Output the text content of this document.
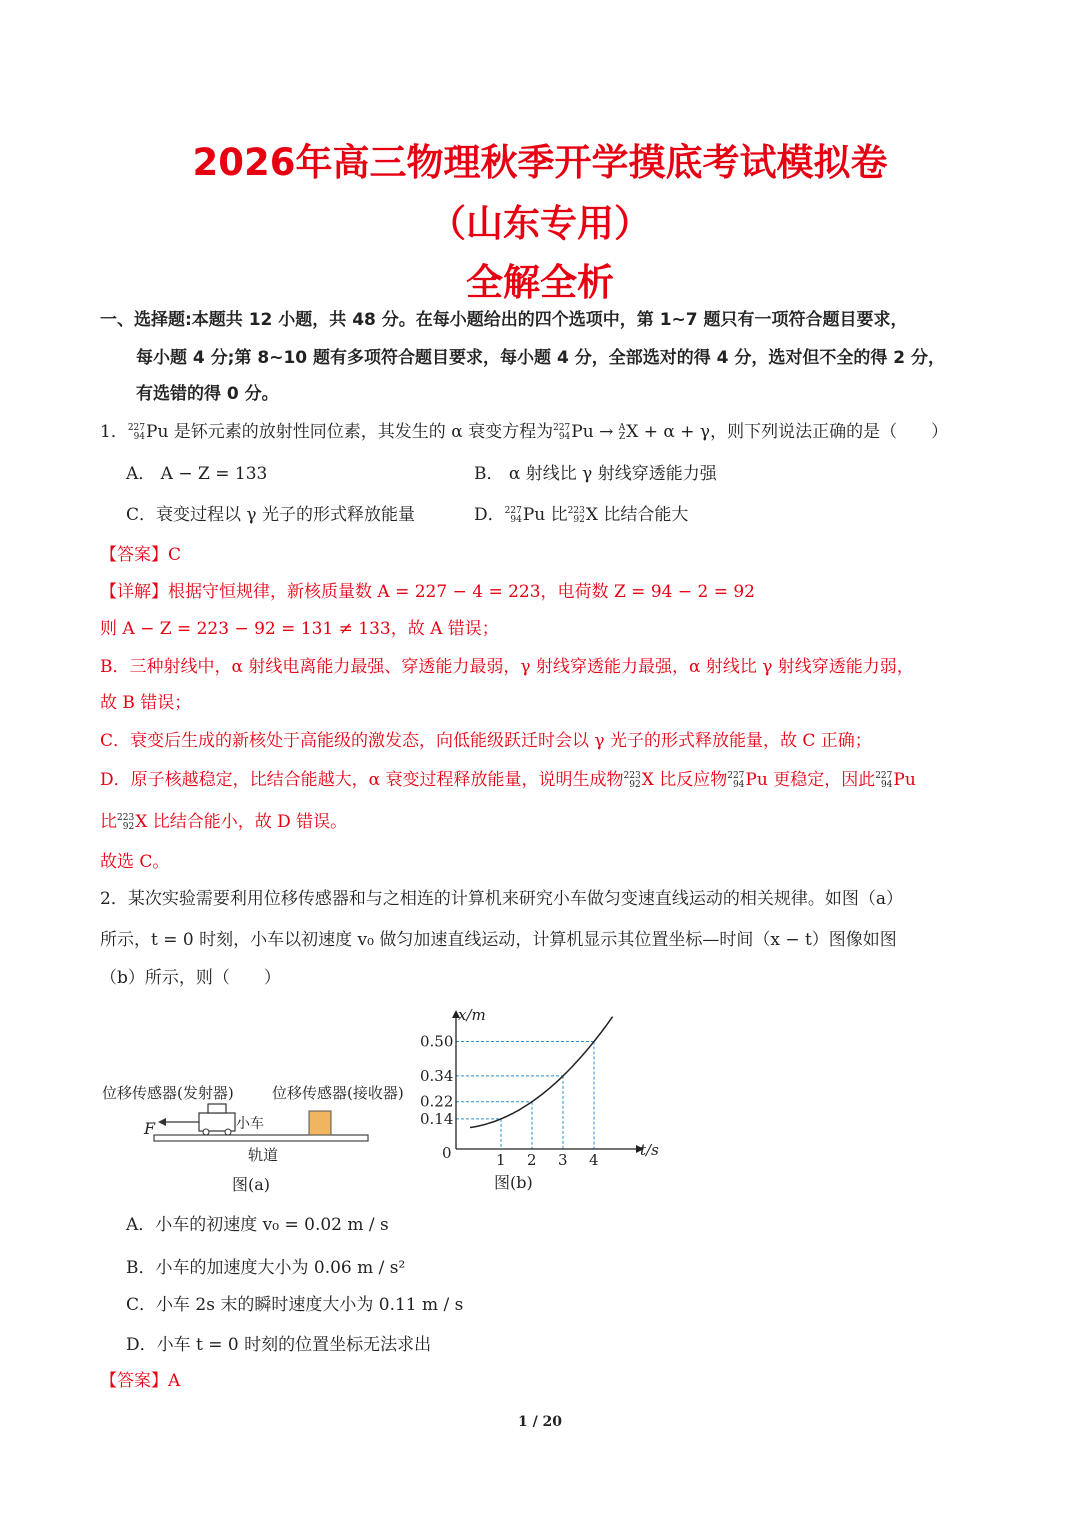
2026年高三物理秋季开学摸底考试模拟卷
（山东专用）
全解全析
一、选择题:本题共 12 小题，共 48 分。在每小题给出的四个选项中，第 1~7 题只有一项符合题目要求，
每小题 4 分;第 8~10 题有多项符合题目要求，每小题 4 分，全部选对的得 4 分，选对但不全的得 2 分，
有选错的得 0 分。
1． 227
94 Pu 是钚元素的放射性同位素，其发生的 α 衰变方程为 227
94 Pu → A
Z X + α + γ，则下列说法正确的是（　　）
A． A − Z = 133	B． α 射线比 γ 射线穿透能力强
C．衰变过程以 γ 光子的形式释放能量	D． 227
94 Pu 比 223
92 X 比结合能大
【答案】C
【详解】根据守恒规律，新核质量数 A = 227 − 4 = 223，电荷数 Z = 94 − 2 = 92
则 A − Z = 223 − 92 = 131 ≠ 133，故 A 错误；
B．三种射线中，α 射线电离能力最强、穿透能力最弱，γ 射线穿透能力最强，α 射线比 γ 射线穿透能力弱，
故 B 错误；
C．衰变后生成的新核处于高能级的激发态，向低能级跃迁时会以 γ 光子的形式释放能量，故 C 正确；
D．原子核越稳定，比结合能越大，α 衰变过程释放能量，说明生成物 223
92 X 比反应物 227
94 Pu 更稳定，因此 227
94 Pu
比 223
92 X 比结合能小，故 D 错误。
故选 C。
2．某次实验需要利用位移传感器和与之相连的计算机来研究小车做匀变速直线运动的相关规律。如图（a）
所示，t = 0 时刻，小车以初速度 v₀ 做匀加速直线运动，计算机显示其位置坐标—时间（x − t）图像如图
（b）所示，则（　　）
位移传感器(发射器)	位移传感器(接收器)
F	小车
轨道
图(a)
0.14
1
0.22
2
0.34
3
0.50
4
x/m
t/s
0
图(b)
A．小车的初速度 v₀ = 0.02 m / s
B．小车的加速度大小为 0.06 m / s²
C．小车 2s 末的瞬时速度大小为 0.11 m / s
D．小车 t = 0 时刻的位置坐标无法求出
【答案】A
1 / 20
